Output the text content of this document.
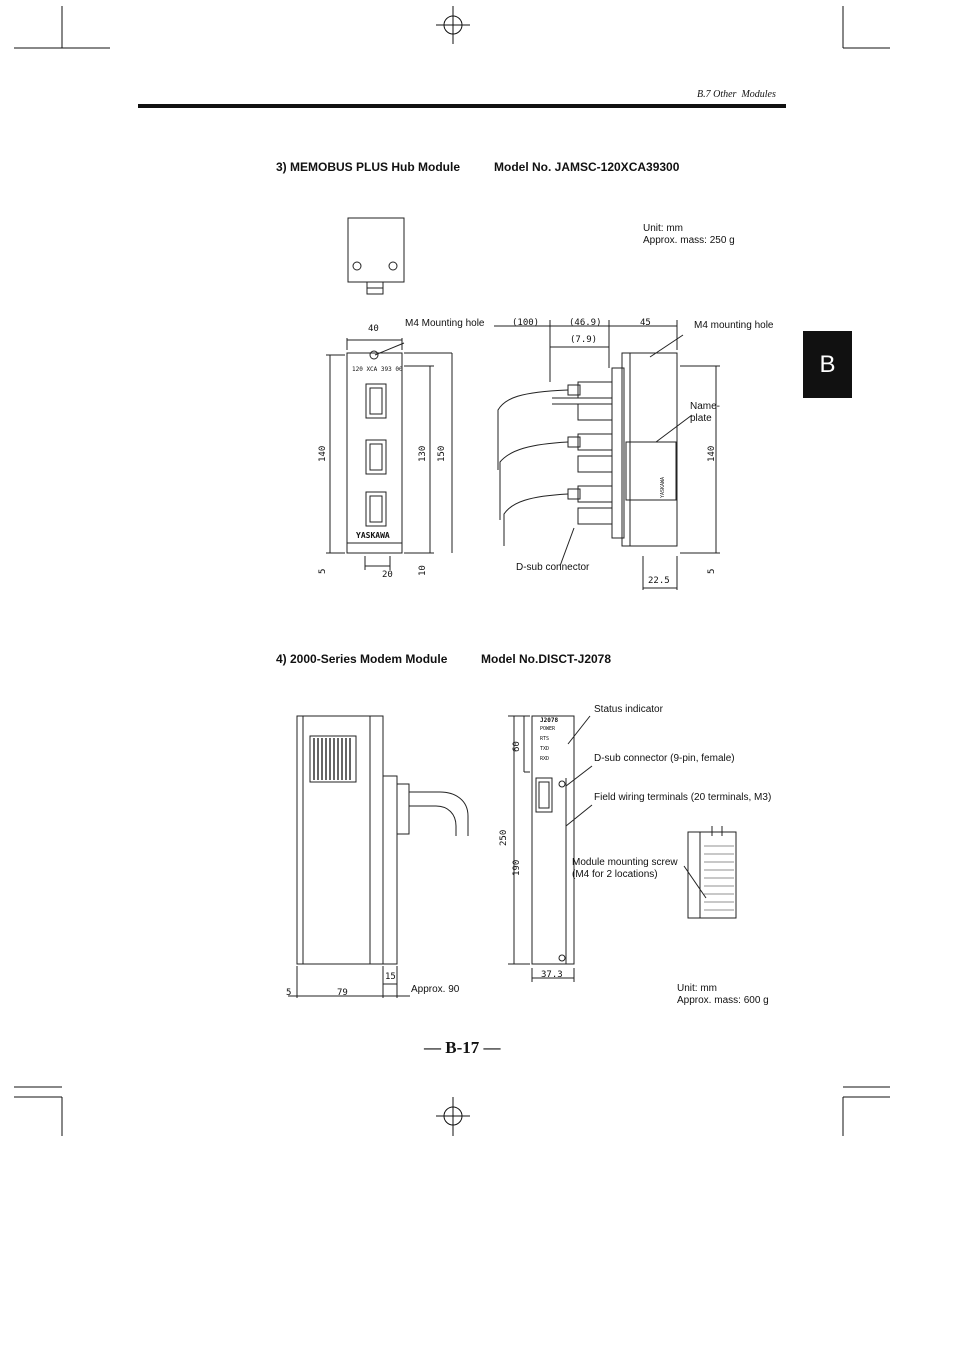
B.7 Other Modules
B
3) MEMOBUS PLUS Hub Module	Model No. JAMSC-120XCA39300
Unit: mm
Approx. mass: 250 g
M4 Mounting hole	M4 mounting hole
Name-
plate
D-sub connector
120 XCA 393 00
YASKAWA
YASKAWA
40
(100)	(46.9)
(7.9)
45
140	130 150	140
5	20	10
22.5
5
4) 2000-Series Modem Module	Model No.DISCT-J2078
Status indicator
D-sub connector (9-pin, female)
Field wiring terminals (20 terminals, M3)
Module mounting screw
(M4 for 2 locations)
Approx. 90	Unit: mm
Approx. mass: 600 g
J2078
POWER
RTS
TXD
RXD
60
250
190
15
5	79
37.3
— B-17 —
